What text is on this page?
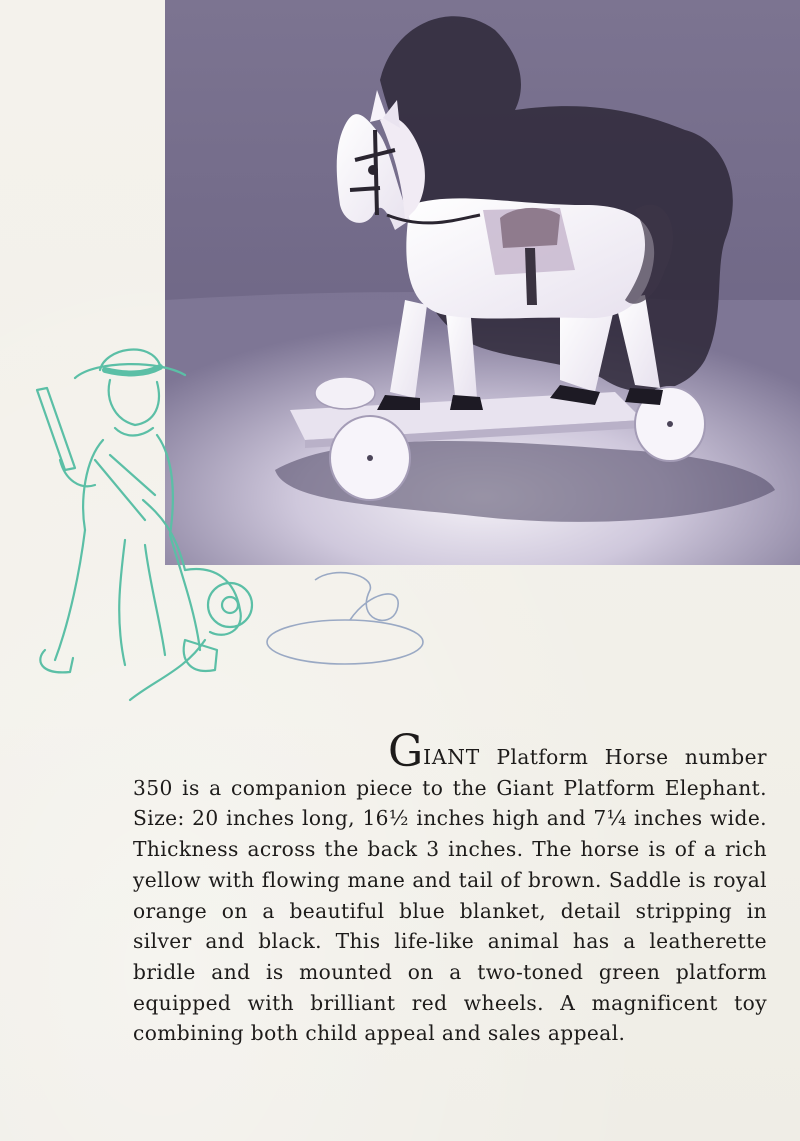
GIANT Platform Horse number 350 is a companion piece to the Giant Platform Elephant. Size: 20 inches long, 16½ inches high and 7¼ inches wide. Thickness across the back 3 inches. The horse is of a rich yellow with flowing mane and tail of brown. Saddle is royal orange on a beautiful blue blanket, detail stripping in silver and black. This life-like animal has a leatherette bridle and is mounted on a two-toned green platform equipped with brilliant red wheels. A magnificent toy combining both child appeal and sales appeal.
